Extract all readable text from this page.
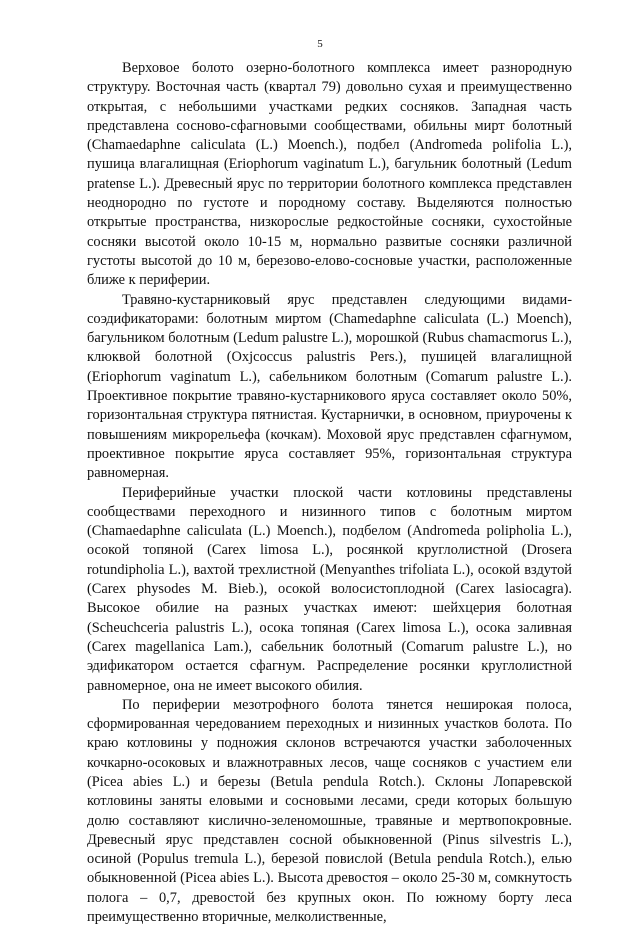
5

Верховое болото озерно-болотного комплекса имеет разнородную структуру. Восточная часть (квартал 79) довольно сухая и преимущественно открытая, с небольшими участками редких сосняков. Западная часть представлена сосново-сфагновыми сообществами, обильны мирт болотный (Chamaedaphne caliculata (L.) Moench.), подбел (Andromeda polifolia L.), пушица влагалищная (Eriophorum vaginatum L.), багульник болотный (Ledum pratense L.). Древесный ярус по территории болотного комплекса представлен неоднородно по густоте и породному составу. Выделяются полностью открытые пространства, низкорослые редкостойные сосняки, сухостойные сосняки высотой около 10-15 м, нормально развитые сосняки различной густоты высотой до 10 м, березово-елово-сосновые участки, расположенные ближе к периферии.

Травяно-кустарниковый ярус представлен следующими видами-соэдификаторами: болотным миртом (Chamedaphne caliculata (L.) Moench), багульником болотным (Ledum palustre L.), морошкой (Rubus chamacmorus L.), клюквой болотной (Oxjcoccus palustris Pers.), пушицей влагалищной (Eriophorum vaginatum L.), сабельником болотным (Comarum palustre L.). Проективное покрытие травяно-кустарникового яруса составляет около 50%, горизонтальная структура пятнистая. Кустарнички, в основном, приурочены к повышениям микрорельефа (кочкам). Моховой ярус представлен сфагнумом, проективное покрытие яруса составляет 95%, горизонтальная структура равномерная.

Периферийные участки плоской части котловины представлены сообществами переходного и низинного типов с болотным миртом (Chamaedaphne caliculata (L.) Moench.), подбелом (Andromeda polipholia L.), осокой топяной (Carex limosa L.), росянкой круглолистной (Drosera rotundipholia L.), вахтой трехлистной (Menyanthes trifoliata L.), осокой вздутой (Carex physodes M. Bieb.), осокой волосистоплодной (Carex lasiocagra). Высокое обилие на разных участках имеют: шейхцерия болотная (Scheuchceria palustris L.), осока топяная (Carex limosa L.), осока заливная (Carex magellanica Lam.), сабельник болотный (Comarum palustre L.), но эдификатором остается сфагнум. Распределение росянки круглолистной равномерное, она не имеет высокого обилия.

По периферии мезотрофного болота тянется неширокая полоса, сформированная чередованием переходных и низинных участков болота. По краю котловины у подножия склонов встречаются участки заболоченных кочкарно-осоковых и влажнотравных лесов, чаще сосняков с участием ели (Picea abies L.) и березы (Betula pendula Rotch.). Склоны Лопаревской котловины заняты еловыми и сосновыми лесами, среди которых большую долю составляют кислично-зеленомошные, травяные и мертвопокровные. Древесный ярус представлен сосной обыкновенной (Pinus silvestris L.), осиной (Populus tremula L.), березой повислой (Betula pendula Rotch.), елью обыкновенной (Picea abies L.). Высота древостоя – около 25-30 м, сомкнутость полога – 0,7, древостой без крупных окон. По южному борту леса преимущественно вторичные, мелколиственные,
